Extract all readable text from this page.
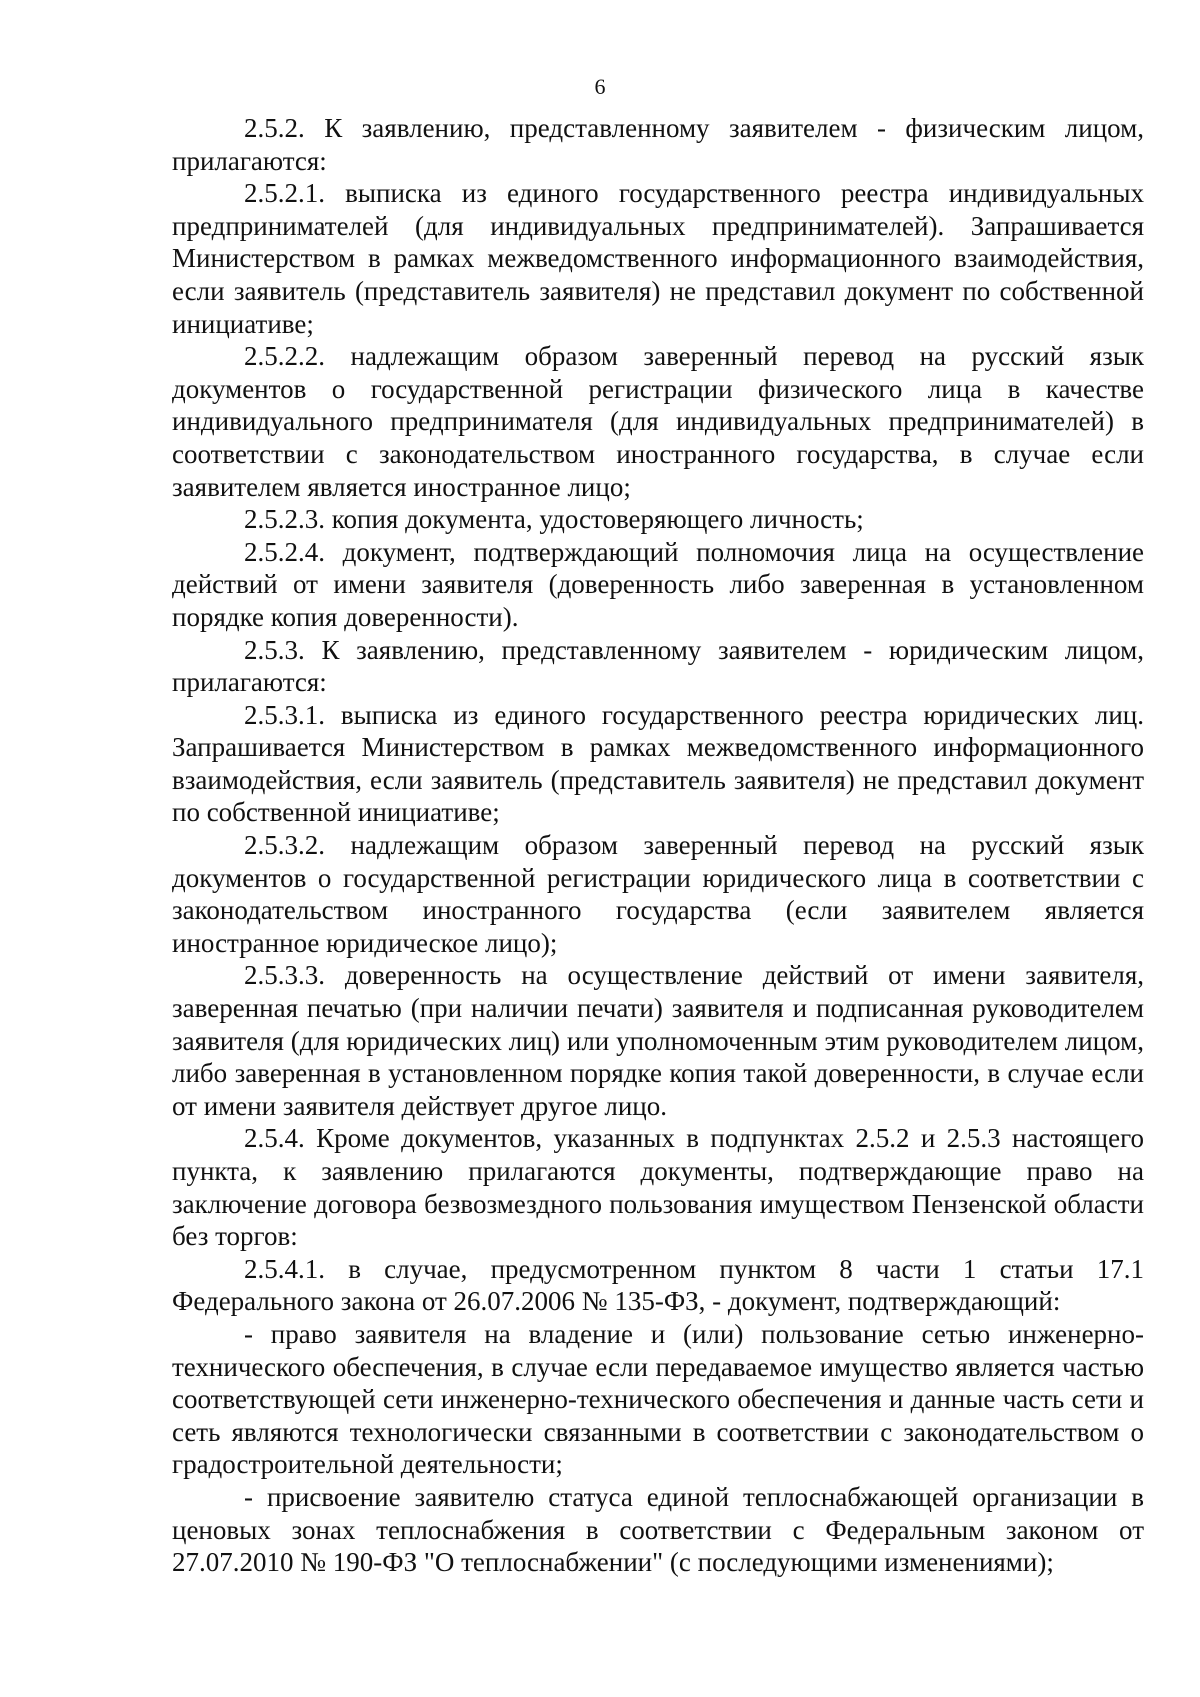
6

2.5.2. К заявлению, представленному заявителем - физическим лицом, прилагаются:

2.5.2.1. выписка из единого государственного реестра индивидуальных предпринимателей (для индивидуальных предпринимателей). Запрашивается Министерством в рамках межведомственного информационного взаимодействия, если заявитель (представитель заявителя) не представил документ по собственной инициативе;

2.5.2.2. надлежащим образом заверенный перевод на русский язык документов о государственной регистрации физического лица в качестве индивидуального предпринимателя (для индивидуальных предпринимателей) в соответствии с законодательством иностранного государства, в случае если заявителем является иностранное лицо;

2.5.2.3. копия документа, удостоверяющего личность;

2.5.2.4. документ, подтверждающий полномочия лица на осуществление действий от имени заявителя (доверенность либо заверенная в установленном порядке копия доверенности).

2.5.3. К заявлению, представленному заявителем - юридическим лицом, прилагаются:

2.5.3.1. выписка из единого государственного реестра юридических лиц. Запрашивается Министерством в рамках межведомственного информационного взаимодействия, если заявитель (представитель заявителя) не представил документ по собственной инициативе;

2.5.3.2. надлежащим образом заверенный перевод на русский язык документов о государственной регистрации юридического лица в соответствии с законодательством иностранного государства (если заявителем является иностранное юридическое лицо);

2.5.3.3. доверенность на осуществление действий от имени заявителя, заверенная печатью (при наличии печати) заявителя и подписанная руководителем заявителя (для юридических лиц) или уполномоченным этим руководителем лицом, либо заверенная в установленном порядке копия такой доверенности, в случае если от имени заявителя действует другое лицо.

2.5.4. Кроме документов, указанных в подпунктах 2.5.2 и 2.5.3 настоящего пункта, к заявлению прилагаются документы, подтверждающие право на заключение договора безвозмездного пользования имуществом Пензенской области без торгов:

2.5.4.1. в случае, предусмотренном пунктом 8 части 1 статьи 17.1 Федерального закона от 26.07.2006 № 135-ФЗ, - документ, подтверждающий:

- право заявителя на владение и (или) пользование сетью инженерно-технического обеспечения, в случае если передаваемое имущество является частью соответствующей сети инженерно-технического обеспечения и данные часть сети и сеть являются технологически связанными в соответствии с законодательством о градостроительной деятельности;

- присвоение заявителю статуса единой теплоснабжающей организации в ценовых зонах теплоснабжения в соответствии с Федеральным законом от 27.07.2010 № 190-ФЗ "О теплоснабжении" (с последующими изменениями);
